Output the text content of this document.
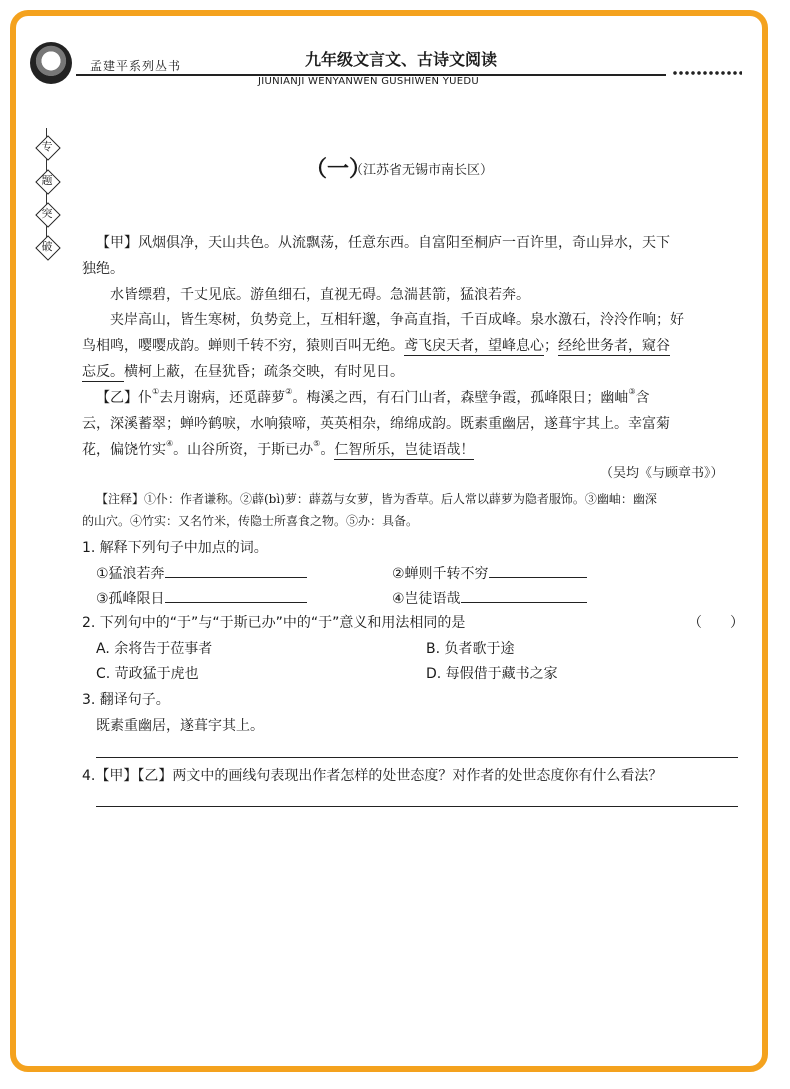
孟建平系列丛书	九年级文言文、古诗文阅读
JIUNIANJI WENYANWEN GUSHIWEN YUEDU
专
题
突
破
（一）
（江苏省无锡市南长区）
【甲】风烟俱净，天山共色。从流飘荡，任意东西。自富阳至桐庐一百许里，奇山异水，天下
独绝。
水皆缥碧，千丈见底。游鱼细石，直视无碍。急湍甚箭，猛浪若奔。
夹岸高山，皆生寒树，负势竞上，互相轩邈，争高直指，千百成峰。泉水激石，泠泠作响；好
鸟相鸣，嘤嘤成韵。蝉则千转不穷，猿则百叫无绝。鸢飞戾天者，望峰息心；经纶世务者，窥谷
忘反。横柯上蔽，在昼犹昏；疏条交映，有时见日。
【乙】仆①去月谢病，还觅薜萝②。梅溪之西，有石门山者，森壁争霞，孤峰限日；幽岫③含
云，深溪蓄翠；蝉吟鹤唳，水响猿啼，英英相杂，绵绵成韵。既素重幽居，遂葺宇其上。幸富菊
花，偏饶竹实④。山谷所资，于斯已办⑤。仁智所乐，岂徒语哉！
（吴均《与顾章书》）
【注释】①仆：作者谦称。②薜(bì)萝：薜荔与女萝，皆为香草。后人常以薜萝为隐者服饰。③幽岫：幽深
的山穴。④竹实：又名竹米，传隐士所喜食之物。⑤办：具备。
1. 解释下列句子中加点的词。
①猛浪若奔	②蝉则千转不穷
③孤峰限日	④岂徒语哉
2. 下列句中的“于”与“于斯已办”中的“于”意义和用法相同的是	（　　）
A. 余将告于莅事者	B. 负者歌于途
C. 苛政猛于虎也	D. 每假借于藏书之家
3. 翻译句子。
既素重幽居，遂葺宇其上。
4.【甲】【乙】两文中的画线句表现出作者怎样的处世态度？对作者的处世态度你有什么看法？
